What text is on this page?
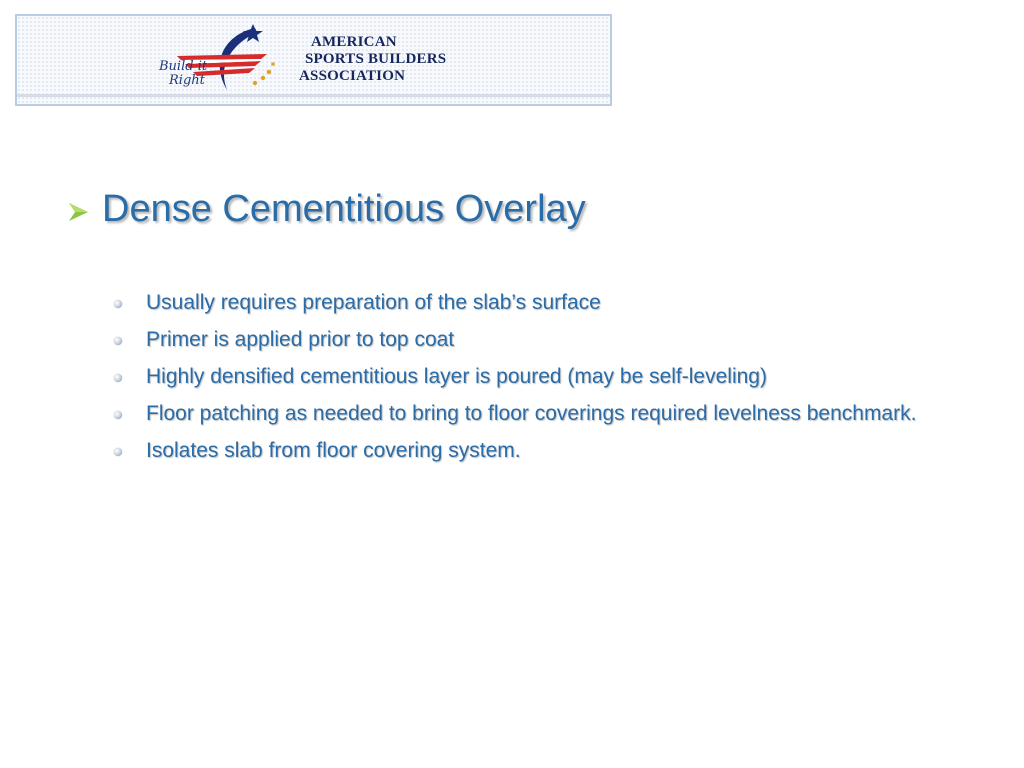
Build it
Right
AMERICAN
SPORTS BUILDERS
ASSOCIATION
Dense Cementitious Overlay
Usually requires preparation of the slab’s surface
Primer is applied prior to top coat
Highly densified cementitious layer is poured (may be self-leveling)
Floor patching as needed to bring to floor coverings required levelness benchmark.
Isolates slab from floor covering system.
